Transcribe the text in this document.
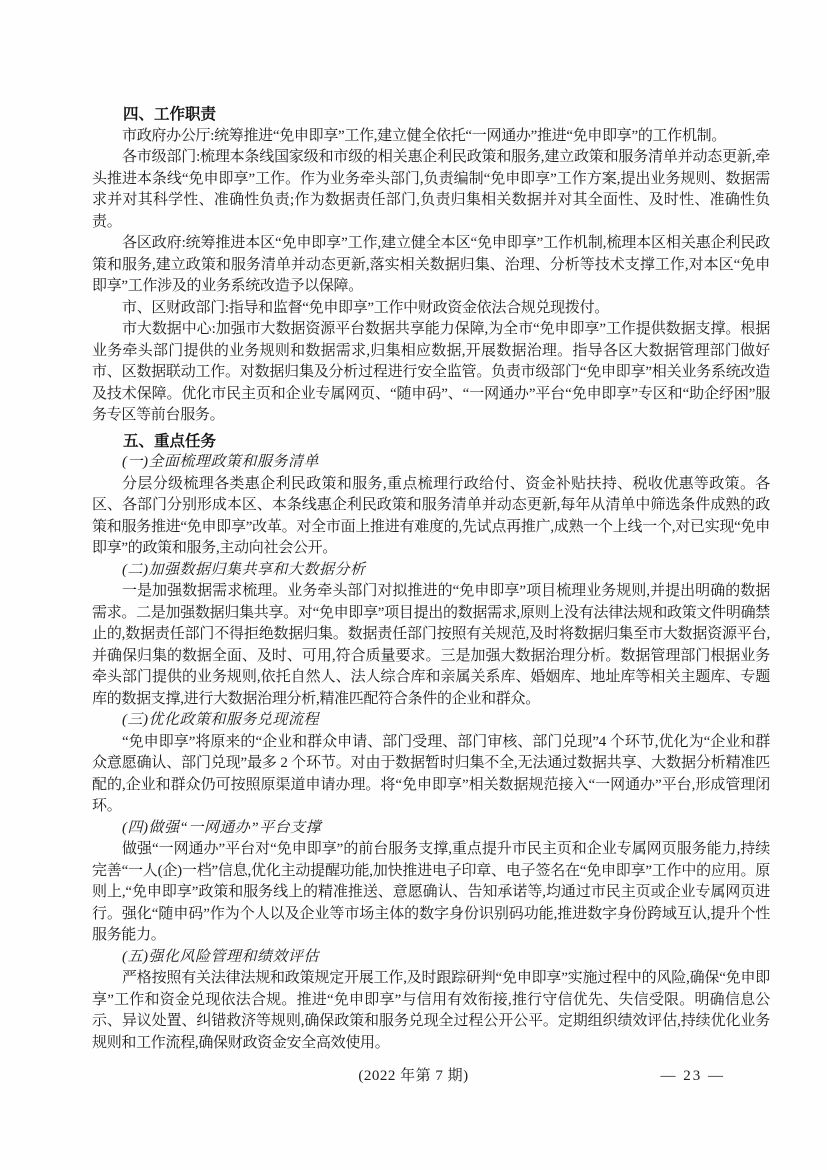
四、工作职责

市政府办公厅:统筹推进“免申即享”工作,建立健全依托“一网通办”推进“免申即享”的工作机制。

各市级部门:梳理本条线国家级和市级的相关惠企利民政策和服务,建立政策和服务清单并动态更新,牵头推进本条线“免申即享”工作。作为业务牵头部门,负责编制“免申即享”工作方案,提出业务规则、数据需求并对其科学性、准确性负责;作为数据责任部门,负责归集相关数据并对其全面性、及时性、准确性负责。

各区政府:统筹推进本区“免申即享”工作,建立健全本区“免申即享”工作机制,梳理本区相关惠企利民政策和服务,建立政策和服务清单并动态更新,落实相关数据归集、治理、分析等技术支撑工作,对本区“免申即享”工作涉及的业务系统改造予以保障。

市、区财政部门:指导和监督“免申即享”工作中财政资金依法合规兑现拨付。

市大数据中心:加强市大数据资源平台数据共享能力保障,为全市“免申即享”工作提供数据支撑。根据业务牵头部门提供的业务规则和数据需求,归集相应数据,开展数据治理。指导各区大数据管理部门做好市、区数据联动工作。对数据归集及分析过程进行安全监管。负责市级部门“免申即享”相关业务系统改造及技术保障。优化市民主页和企业专属网页、“随申码”、“一网通办”平台“免申即享”专区和“助企纾困”服务专区等前台服务。

五、重点任务

(一)全面梳理政策和服务清单

分层分级梳理各类惠企利民政策和服务,重点梳理行政给付、资金补贴扶持、税收优惠等政策。各区、各部门分别形成本区、本条线惠企利民政策和服务清单并动态更新,每年从清单中筛选条件成熟的政策和服务推进“免申即享”改革。对全市面上推进有难度的,先试点再推广,成熟一个上线一个,对已实现“免申即享”的政策和服务,主动向社会公开。

(二)加强数据归集共享和大数据分析

一是加强数据需求梳理。业务牵头部门对拟推进的“免申即享”项目梳理业务规则,并提出明确的数据需求。二是加强数据归集共享。对“免申即享”项目提出的数据需求,原则上没有法律法规和政策文件明确禁止的,数据责任部门不得拒绝数据归集。数据责任部门按照有关规范,及时将数据归集至市大数据资源平台,并确保归集的数据全面、及时、可用,符合质量要求。三是加强大数据治理分析。数据管理部门根据业务牵头部门提供的业务规则,依托自然人、法人综合库和亲属关系库、婚姻库、地址库等相关主题库、专题库的数据支撑,进行大数据治理分析,精准匹配符合条件的企业和群众。

(三)优化政策和服务兑现流程

“免申即享”将原来的“企业和群众申请、部门受理、部门审核、部门兑现”4 个环节,优化为“企业和群众意愿确认、部门兑现”最多 2 个环节。对由于数据暂时归集不全,无法通过数据共享、大数据分析精准匹配的,企业和群众仍可按照原渠道申请办理。将“免申即享”相关数据规范接入“一网通办”平台,形成管理闭环。

(四)做强“一网通办”平台支撑

做强“一网通办”平台对“免申即享”的前台服务支撑,重点提升市民主页和企业专属网页服务能力,持续完善“一人(企)一档”信息,优化主动提醒功能,加快推进电子印章、电子签名在“免申即享”工作中的应用。原则上,“免申即享”政策和服务线上的精准推送、意愿确认、告知承诺等,均通过市民主页或企业专属网页进行。强化“随申码”作为个人以及企业等市场主体的数字身份识别码功能,推进数字身份跨域互认,提升个性服务能力。

(五)强化风险管理和绩效评估

严格按照有关法律法规和政策规定开展工作,及时跟踪研判“免申即享”实施过程中的风险,确保“免申即享”工作和资金兑现依法合规。推进“免申即享”与信用有效衔接,推行守信优先、失信受限。明确信息公示、异议处置、纠错救济等规则,确保政策和服务兑现全过程公开公平。定期组织绩效评估,持续优化业务规则和工作流程,确保财政资金安全高效使用。

(2022 年第 7 期)	— 23 —
